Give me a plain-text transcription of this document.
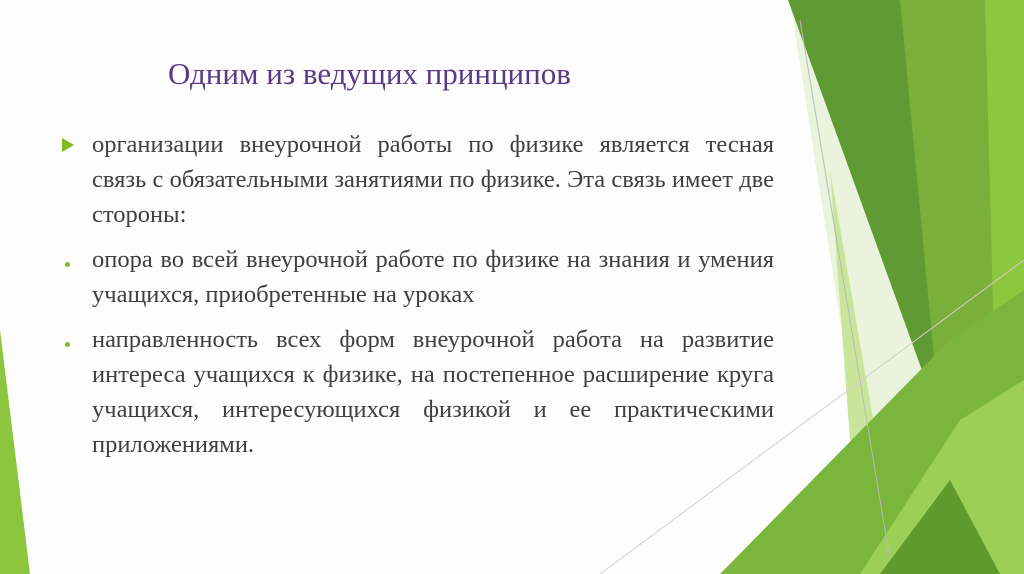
Одним из ведущих принципов
организации внеурочной работы по физике является тесная связь с обязательными занятиями по физике. Эта связь имеет две стороны:
опора во всей внеурочной работе по физике на знания и умения учащихся, приобретенные на уроках
направленность всех форм внеурочной работа на развитие интереса учащихся к физике, на постепенное расширение круга учащихся, интересующихся физикой и ее практическими приложениями.
